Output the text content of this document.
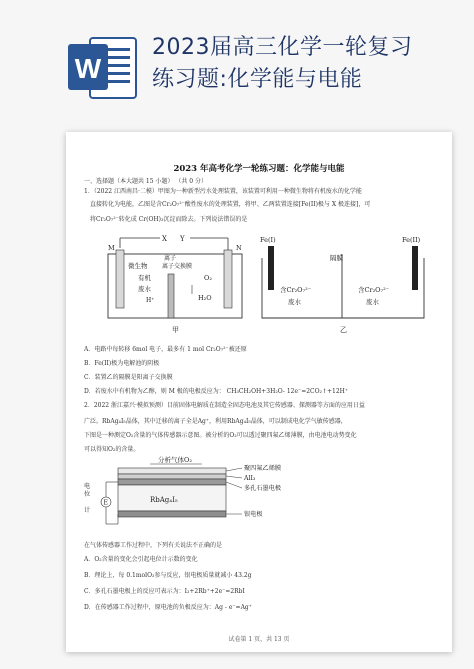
W
2023届高三化学一轮复习
练习题:化学能与电能
2023 年高考化学一轮练习题：化学能与电能
一、选择题（本大题共 15 小题） （共 0 分）
1．（2022 江西南昌·二模）甲图为一种新型污水处理装置，该装置可利用一种微生物将有机废水的化学能
直接转化为电能，乙图是含Cr₂O₇²⁻酸性废水的处理装置，将甲、乙两装置连接[Fe(II)极与 X 极连接]，可
将Cr₂O₇²⁻转化成 Cr(OH)₃沉淀而除去。下列说法错误的是
X Y
M	N
离子
离子交换膜
微生物
有机
废水
H⁺
O₂
H₂O
甲
Fe(I)	Fe(II)
隔膜
含Cr₂O₇²⁻
废水
含Cr₂O₇²⁻
废水
乙
A．电路中每转移 6mol 电子，最多有 1 mol Cr₂O₇²⁻被还原
B．Fe(II)极为电解池的阴极
C．装置乙的隔膜是阳离子交换膜
D．若废水中有机物为乙醇，则 M 极的电极反应为： CH₃CH₂OH+3H₂O- 12e⁻=2CO₂↑+12H⁺
2．2022 浙江嘉兴·模拟预测）目前固体电解质在制造全固态电池及其它传感器、探测器等方面的应用日益
广泛。RbAg₄I₅晶体，其中迁移的离子全是Ag⁺，利用RbAg₄I₅晶体，可以制成电化学气敏传感器，
下图是一种测定O₂含量的气体传感器示意图。被分析的O₂可以透过聚四氟乙烯薄膜，由电池电动势变化
可以得知O₂的含量。
分析气体O₂
RbAg₄I₅
聚四氟乙烯膜
AlI₃
多孔石墨电极
银电极
E
电
位
计
在气体传感器工作过程中，下列有关说法不正确的是
A．O₂含量的变化会引起电位计示数的变化
B．理论上，每 0.1molO₂参与反应，银电极质量就减小 43.2g
C．多孔石墨电极上的反应可表示为：I₂+2Rb⁺+2e⁻=2RbI
D．在传感器工作过程中，原电池的负极反应为：Ag - e⁻=Ag⁺
试卷第 1 页，共 13 页
